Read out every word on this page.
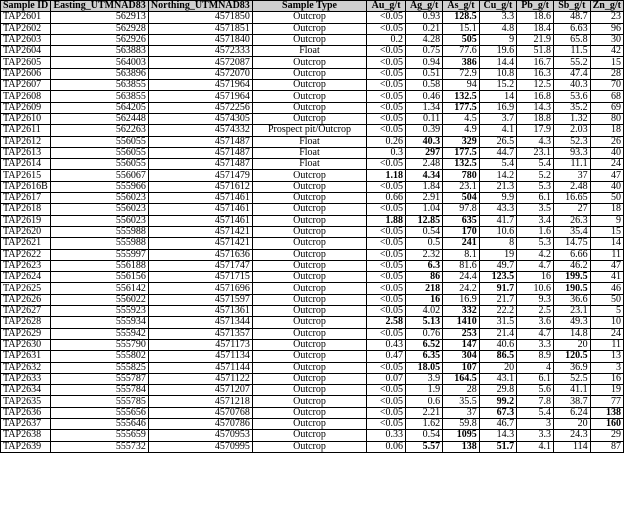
Sample ID	Easting_UTMNAD83	Northing_UTMNAD83	Sample Type	Au_g/t	Ag_g/t	As_g/t	Cu_g/t	Pb_g/t	Sb_g/t	Zn_g/t
TAP2601	562913	4571850	Outcrop	<0.05	0.93	128.5	3.3	18.6	48.7	23
TAP2602	562928	4571851	Outcrop	<0.05	0.21	15.1	4.8	18.4	6.63	96
TAP2603	562926	4571840	Outcrop	0.2	4.28	505	9	21.9	65.8	30
TAP2604	563883	4572333	Float	<0.05	0.75	77.6	19.6	51.8	11.5	42
TAP2605	564003	4572087	Outcrop	<0.05	0.94	386	14.4	16.7	55.2	15
TAP2606	563896	4572070	Outcrop	<0.05	0.51	72.9	10.8	16.3	47.4	28
TAP2607	563855	4571964	Outcrop	<0.05	0.58	94	15.2	12.5	40.3	70
TAP2608	563855	4571964	Outcrop	<0.05	0.46	132.5	14	16.8	53.6	68
TAP2609	564205	4572256	Outcrop	<0.05	1.34	177.5	16.9	14.3	35.2	69
TAP2610	562448	4574305	Outcrop	<0.05	0.11	4.5	3.7	18.8	1.32	80
TAP2611	562263	4574332	Prospect pit/Outcrop	<0.05	0.39	4.9	4.1	17.9	2.03	18
TAP2612	556055	4571487	Float	0.26	40.3	329	26.5	4.3	52.3	26
TAP2613	556055	4571487	Float	0.3	297	177.5	44.7	23.1	93.3	40
TAP2614	556055	4571487	Float	<0.05	2.48	132.5	5.4	5.4	11.1	24
TAP2615	556067	4571479	Outcrop	1.18	4.34	780	14.2	5.2	37	47
TAP2616B	555966	4571612	Outcrop	<0.05	1.84	23.1	21.3	5.3	2.48	40
TAP2617	556023	4571461	Outcrop	0.66	2.91	504	9.9	6.1	16.65	50
TAP2618	556023	4571461	Outcrop	<0.05	1.04	97.8	43.3	3.5	27	18
TAP2619	556023	4571461	Outcrop	1.88	12.85	635	41.7	3.4	26.3	9
TAP2620	555988	4571421	Outcrop	<0.05	0.54	170	10.6	1.6	35.4	15
TAP2621	555988	4571421	Outcrop	<0.05	0.5	241	8	5.3	14.75	14
TAP2622	555997	4571636	Outcrop	<0.05	2.32	8.1	19	4.2	6.66	11
TAP2623	556188	4571747	Outcrop	<0.05	6.3	81.6	49.7	4.7	46.2	47
TAP2624	556156	4571715	Outcrop	<0.05	86	24.4	123.5	16	199.5	41
TAP2625	556142	4571696	Outcrop	<0.05	218	24.2	91.7	10.6	190.5	46
TAP2626	556022	4571597	Outcrop	<0.05	16	16.9	21.7	9.3	36.6	50
TAP2627	555923	4571361	Outcrop	<0.05	4.02	332	22.2	2.5	23.1	5
TAP2628	555934	4571344	Outcrop	2.58	5.13	1410	31.5	3.6	49.3	10
TAP2629	555942	4571357	Outcrop	<0.05	0.76	253	21.4	4.7	14.8	24
TAP2630	555790	4571173	Outcrop	0.43	6.52	147	40.6	3.3	20	11
TAP2631	555802	4571134	Outcrop	0.47	6.35	304	86.5	8.9	120.5	13
TAP2632	555825	4571144	Outcrop	<0.05	18.05	107	20	4	36.9	3
TAP2633	555787	4571122	Outcrop	0.07	3.9	164.5	43.1	6.1	52.5	16
TAP2634	555784	4571207	Outcrop	<0.05	1.9	28	29.8	5.6	41.1	19
TAP2635	555785	4571218	Outcrop	<0.05	0.6	35.5	99.2	7.8	38.7	77
TAP2636	555656	4570768	Outcrop	<0.05	2.21	37	67.3	5.4	6.24	138
TAP2637	555646	4570786	Outcrop	<0.05	1.62	59.8	46.7	3	20	160
TAP2638	555659	4570953	Outcrop	0.33	0.54	1095	14.3	3.3	24.3	29
TAP2639	555732	4570995	Outcrop	0.06	5.57	138	51.7	4.1	114	87
